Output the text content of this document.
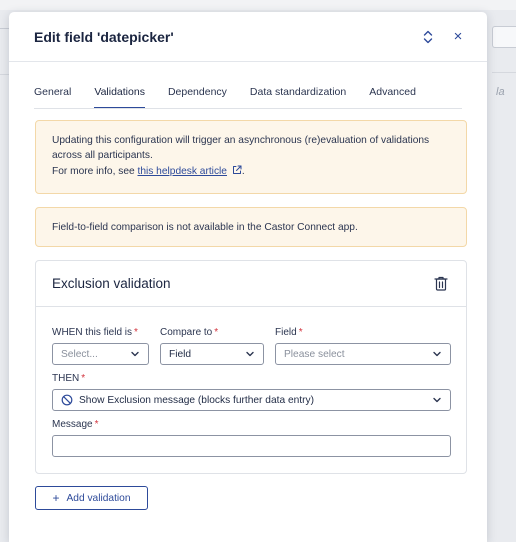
la
Edit field 'datepicker'	×
General Validations Dependency Data standardization Advanced
Updating this configuration will trigger an asynchronous (re)evaluation of validations
across all participants.
For more info, see this helpdesk article .
Field-to-field comparison is not available in the Castor Connect app.
Exclusion validation
WHEN this field is *
Select...
Compare to *
Field
Field *
Please select
THEN *
Show Exclusion message (blocks further data entry)
Message *
+ Add validation
